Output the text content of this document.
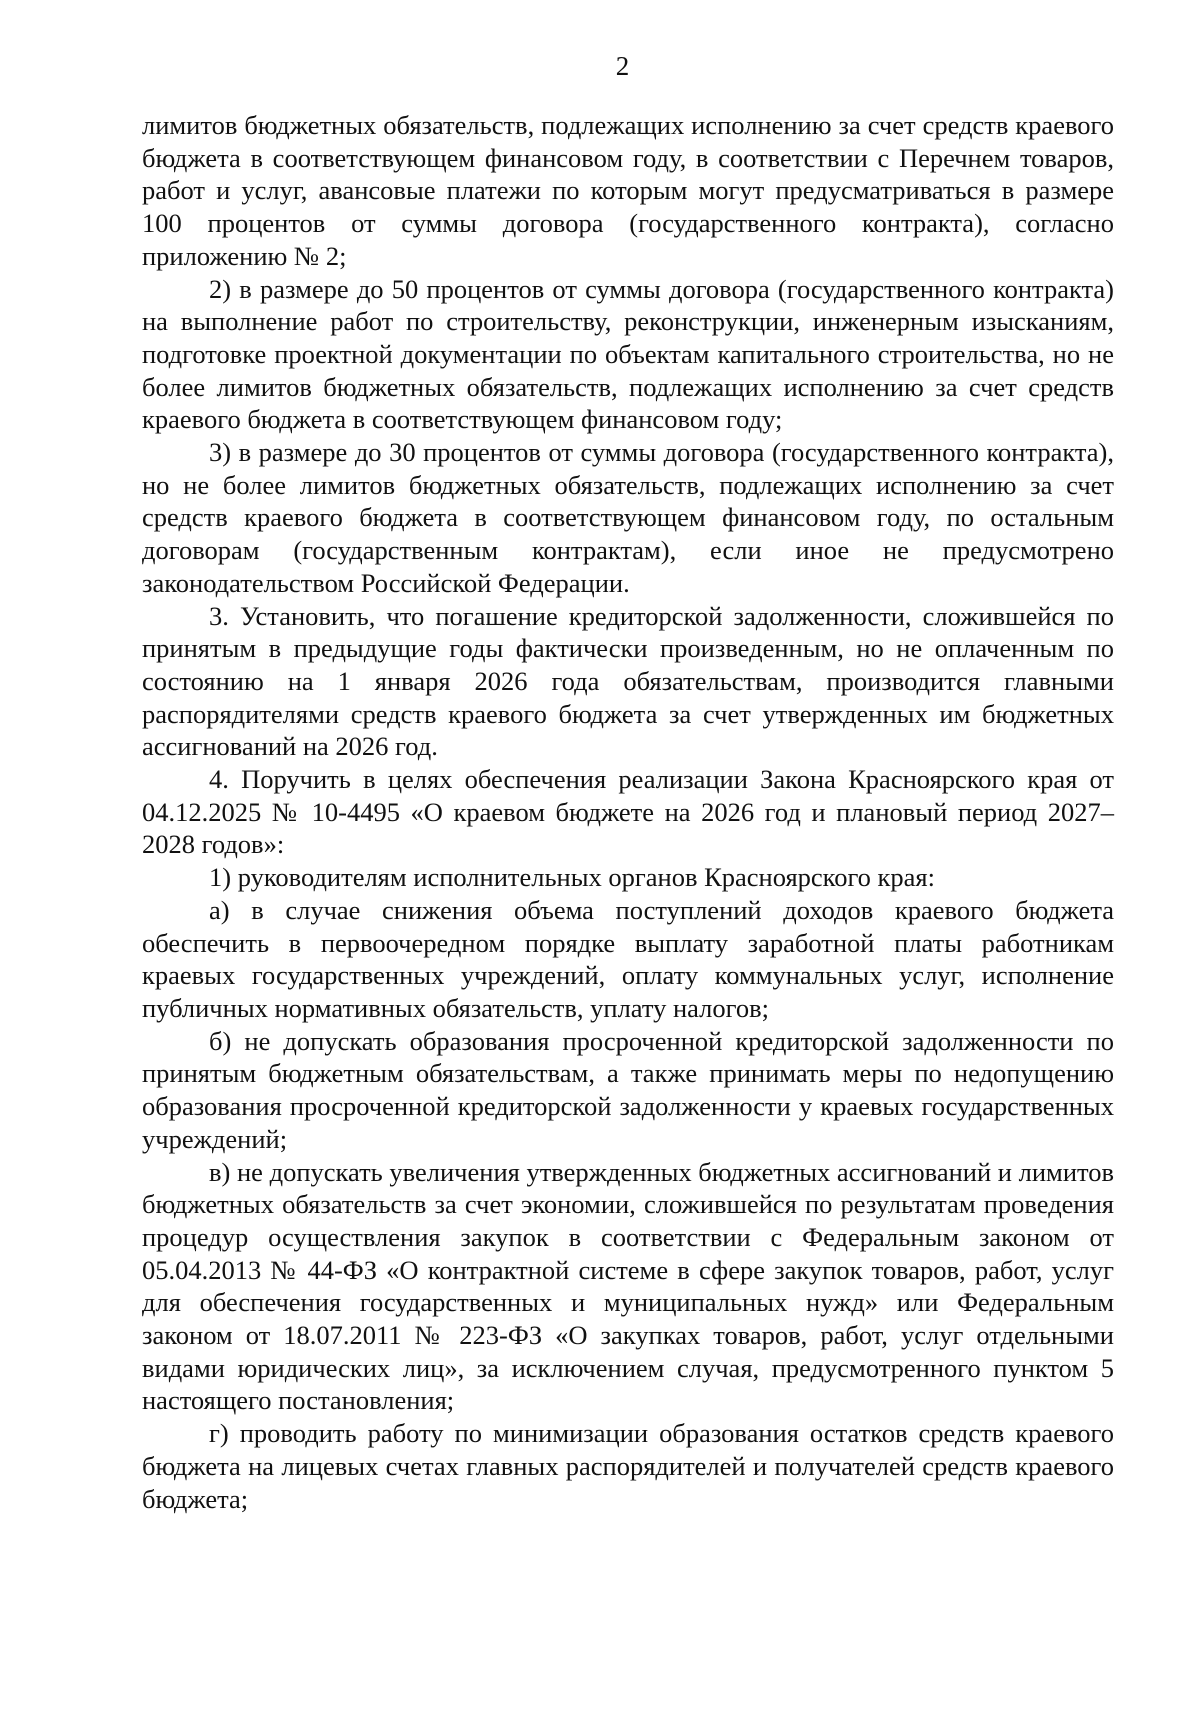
2

лимитов бюджетных обязательств, подлежащих исполнению за счет средств краевого бюджета в соответствующем финансовом году, в соответствии с Перечнем товаров, работ и услуг, авансовые платежи по которым могут предусматриваться в размере 100 процентов от суммы договора (государственного контракта), согласно приложению № 2;

2) в размере до 50 процентов от суммы договора (государственного контракта) на выполнение работ по строительству, реконструкции, инженерным изысканиям, подготовке проектной документации по объектам капитального строительства, но не более лимитов бюджетных обязательств, подлежащих исполнению за счет средств краевого бюджета в соответствующем финансовом году;

3) в размере до 30 процентов от суммы договора (государственного контракта), но не более лимитов бюджетных обязательств, подлежащих исполнению за счет средств краевого бюджета в соответствующем финансовом году, по остальным договорам (государственным контрактам), если иное не предусмотрено законодательством Российской Федерации.

3. Установить, что погашение кредиторской задолженности, сложившейся по принятым в предыдущие годы фактически произведенным, но не оплаченным по состоянию на 1 января 2026 года обязательствам, производится главными распорядителями средств краевого бюджета за счет утвержденных им бюджетных ассигнований на 2026 год.

4. Поручить в целях обеспечения реализации Закона Красноярского края от 04.12.2025 № 10-4495 «О краевом бюджете на 2026 год и плановый период 2027–2028 годов»:

1) руководителям исполнительных органов Красноярского края:

а) в случае снижения объема поступлений доходов краевого бюджета обеспечить в первоочередном порядке выплату заработной платы работникам краевых государственных учреждений, оплату коммунальных услуг, исполнение публичных нормативных обязательств, уплату налогов;

б) не допускать образования просроченной кредиторской задолженности по принятым бюджетным обязательствам, а также принимать меры по недопущению образования просроченной кредиторской задолженности у краевых государственных учреждений;

в) не допускать увеличения утвержденных бюджетных ассигнований и лимитов бюджетных обязательств за счет экономии, сложившейся по результатам проведения процедур осуществления закупок в соответствии с Федеральным законом от 05.04.2013 № 44-ФЗ «О контрактной системе в сфере закупок товаров, работ, услуг для обеспечения государственных и муниципальных нужд» или Федеральным законом от 18.07.2011 № 223-ФЗ «О закупках товаров, работ, услуг отдельными видами юридических лиц», за исключением случая, предусмотренного пунктом 5 настоящего постановления;

г) проводить работу по минимизации образования остатков средств краевого бюджета на лицевых счетах главных распорядителей и получателей средств краевого бюджета;
